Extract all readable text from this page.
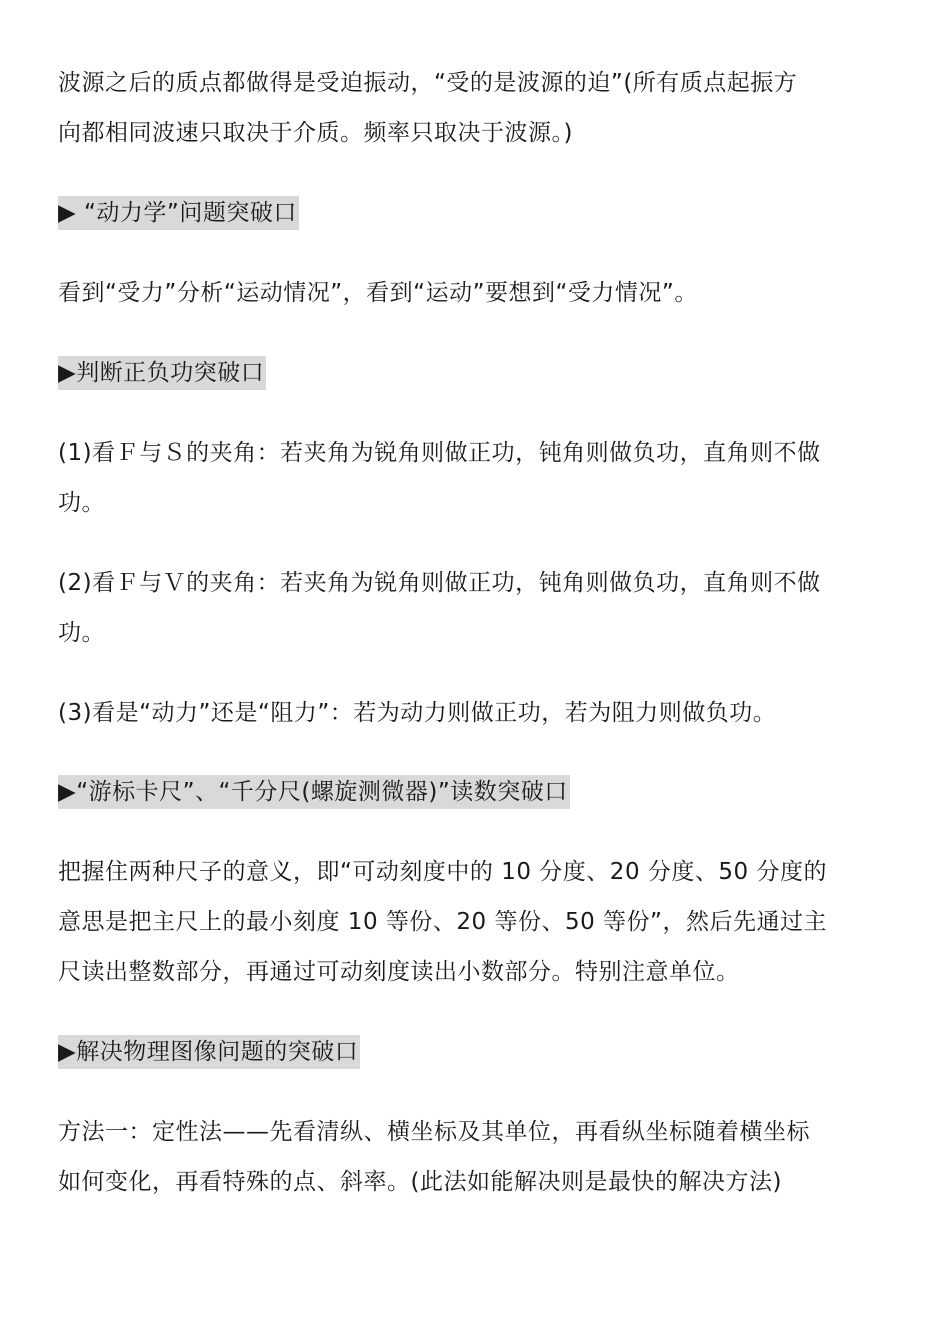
波源之后的质点都做得是受迫振动，“受的是波源的迫”(所有质点起振方

向都相同波速只取决于介质。频率只取决于波源。)

▶ “动力学”问题突破口

看到“受力”分析“运动情况”，看到“运动”要想到“受力情况”。

▶判断正负功突破口

(1)看Ｆ与Ｓ的夹角：若夹角为锐角则做正功，钝角则做负功，直角则不做

功。

(2)看Ｆ与Ｖ的夹角：若夹角为锐角则做正功，钝角则做负功，直角则不做

功。

(3)看是“动力”还是“阻力”：若为动力则做正功，若为阻力则做负功。

▶“游标卡尺”、“千分尺(螺旋测微器)”读数突破口

把握住两种尺子的意义，即“可动刻度中的 10 分度、20 分度、50 分度的

意思是把主尺上的最小刻度 10 等份、20 等份、50 等份”，然后先通过主

尺读出整数部分，再通过可动刻度读出小数部分。特别注意单位。

▶解决物理图像问题的突破口

方法一：定性法——先看清纵、横坐标及其单位，再看纵坐标随着横坐标

如何变化，再看特殊的点、斜率。(此法如能解决则是最快的解决方法)
